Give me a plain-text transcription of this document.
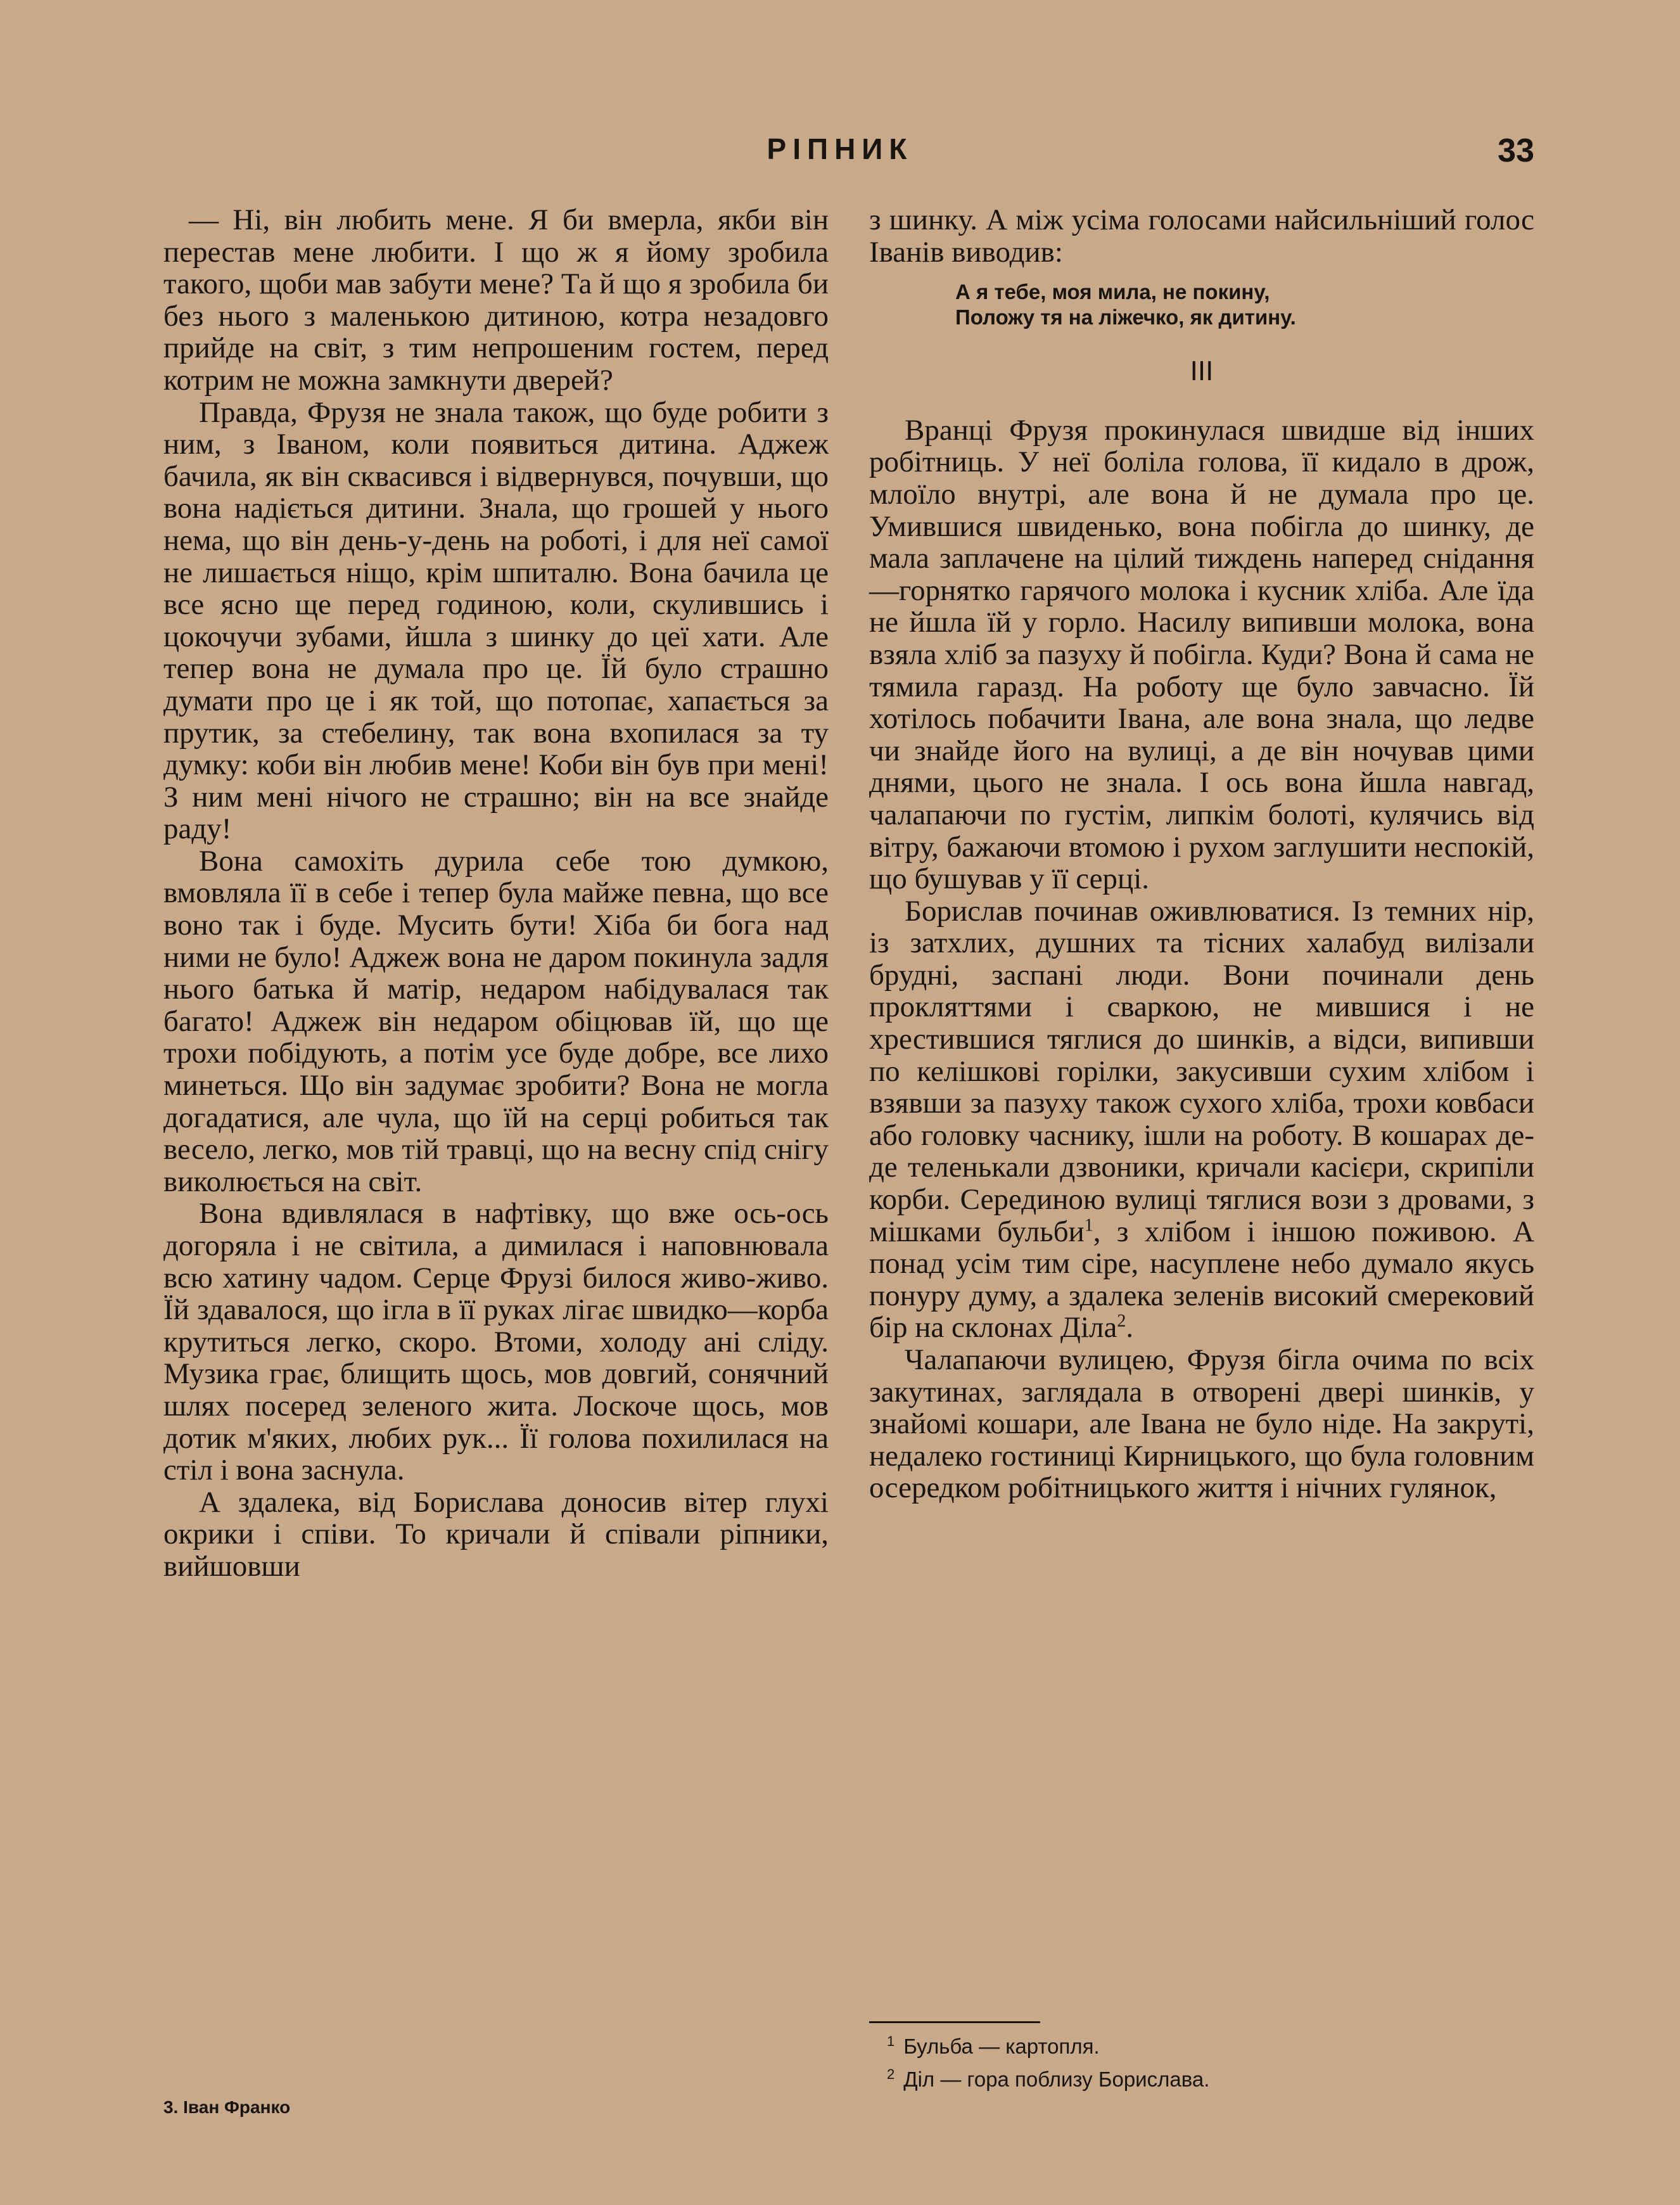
РІПНИК	33

— Ні, він любить мене. Я би вмерла, якби він перестав мене любити. І що ж я йому зробила такого, щоби мав забути мене? Та й що я зробила би без нього з маленькою дитиною, котра незадовго прийде на світ, з тим непрошеним гостем, перед котрим не можна замкнути дверей?

Правда, Фрузя не знала також, що буде робити з ним, з Іваном, коли появиться дитина. Аджеж бачила, як він сквасився і відвернувся, почувши, що вона надіється дитини. Знала, що грошей у нього нема, що він день-у-день на роботі, і для неї самої не лишається ніщо, крім шпиталю. Вона бачила це все ясно ще перед годиною, коли, скулившись і цокочучи зубами, йшла з шинку до цеї хати. Але тепер вона не думала про це. Їй було страшно думати про це і як той, що потопає, хапається за прутик, за стебелину, так вона вхопилася за ту думку: коби він любив мене! Коби він був при мені! З ним мені нічого не страшно; він на все знайде раду!

Вона самохіть дурила себе тою думкою, вмовляла її в себе і тепер була майже певна, що все воно так і буде. Мусить бути! Хіба би бога над ними не було! Аджеж вона не даром покинула задля нього батька й матір, недаром набідувалася так багато! Аджеж він недаром обіцював їй, що ще трохи побідують, а потім усе буде добре, все лихо минеться. Що він задумає зробити? Вона не могла догадатися, але чула, що їй на серці робиться так весело, легко, мов тій травці, що на весну спід снігу виколюється на світ.

Вона вдивлялася в нафтівку, що вже ось-ось догоряла і не світила, а димилася і наповнювала всю хатину чадом. Серце Фрузі билося живо-живо. Їй здавалося, що ігла в її руках лігає швидко—корба крутиться легко, скоро. Втоми, холоду ані сліду. Музика грає, блищить щось, мов довгий, сонячний шлях посеред зеленого жита. Лоскоче щось, мов дотик м'яких, любих рук... Її голова похилилася на стіл і вона заснула.

А здалека, від Борислава доносив вітер глухі окрики і співи. То кричали й співали ріпники, вийшовши

з шинку. А між усіма голосами найсильніший голос Іванів виводив:

А я тебе, моя мила, не покину,
Положу тя на ліжечко, як дитину.
III

Вранці Фрузя прокинулася швидше від інших робітниць. У неї боліла голова, її кидало в дрож, млоїло внутрі, але вона й не думала про це. Умившися швиденько, вона побігла до шинку, де мала заплачене на цілий тиждень наперед снідання—горнятко гарячого молока і кусник хліба. Але їда не йшла їй у горло. Насилу випивши молока, вона взяла хліб за пазуху й побігла. Куди? Вона й сама не тямила гаразд. На роботу ще було завчасно. Їй хотілось побачити Івана, але вона знала, що ледве чи знайде його на вулиці, а де він ночував цими днями, цього не знала. І ось вона йшла навгад, чалапаючи по густім, липкім болоті, кулячись від вітру, бажаючи втомою і рухом заглушити неспокій, що бушував у її серці.

Борислав починав оживлюватися. Із темних нір, із затхлих, душних та тісних халабуд вилізали брудні, заспані люди. Вони починали день прокляттями і сваркою, не мившися і не хрестившися тяглися до шинків, а відси, випивши по келішкові горілки, закусивши сухим хлібом і взявши за пазуху також сухого хліба, трохи ковбаси або головку часнику, ішли на роботу. В кошарах де-де теленькали дзвоники, кричали касієри, скрипіли корби. Серединою вулиці тяглися вози з дровами, з мішками бульби$^1$, з хлібом і іншою поживою. А понад усім тим сіре, насуплене небо думало якусь понуру думу, а здалека зеленів високий смерековий бір на склонах Діла$^2$.

Чалапаючи вулицею, Фрузя бігла очима по всіх закутинах, заглядала в отворені двері шинків, у знайомі кошари, але Івана не було ніде. На закруті, недалеко гостиниці Кирницького, що була головним осередком робітницького життя і нічних гулянок,

$^1$ Бульба — картопля.
$^2$ Діл — гора поблизу Борислава.
3. Іван Франко
